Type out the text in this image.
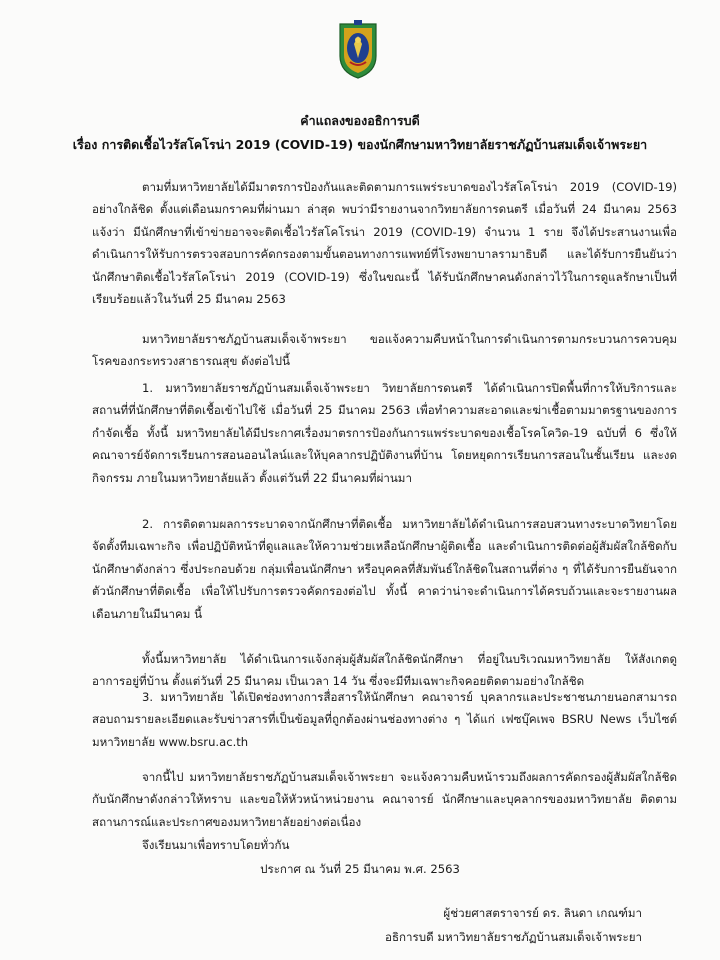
คำแถลงของอธิการบดี
เรื่อง การติดเชื้อไวรัสโคโรน่า 2019 (COVID-19) ของนักศึกษามหาวิทยาลัยราชภัฏบ้านสมเด็จเจ้าพระยา
ตามที่มหาวิทยาลัยได้มีมาตรการป้องกันและติดตามการแพร่ระบาดของไวรัสโคโรน่า 2019 (COVID-19) อย่างใกล้ชิด ตั้งแต่เดือนมกราคมที่ผ่านมา ล่าสุด พบว่ามีรายงานจากวิทยาลัยการดนตรี เมื่อวันที่ 24 มีนาคม 2563 แจ้งว่า มีนักศึกษาที่เข้าข่ายอาจจะติดเชื้อไวรัสโคโรน่า 2019 (COVID-19) จำนวน 1 ราย จึงได้ประสานงานเพื่อดำเนินการให้รับการตรวจสอบการคัดกรองตามขั้นตอนทางการแพทย์ที่โรงพยาบาลรามาธิบดี และได้รับการยืนยันว่านักศึกษาติดเชื้อไวรัสโคโรน่า 2019 (COVID-19) ซึ่งในขณะนี้ ได้รับนักศึกษาคนดังกล่าวไว้ในการดูแลรักษาเป็นที่เรียบร้อยแล้วในวันที่ 25 มีนาคม 2563
มหาวิทยาลัยราชภัฏบ้านสมเด็จเจ้าพระยา ขอแจ้งความคืบหน้าในการดำเนินการตามกระบวนการควบคุมโรคของกระทรวงสาธารณสุข ดังต่อไปนี้
1. มหาวิทยาลัยราชภัฏบ้านสมเด็จเจ้าพระยา วิทยาลัยการดนตรี ได้ดำเนินการปิดพื้นที่การให้บริการและสถานที่ที่นักศึกษาที่ติดเชื้อเข้าไปใช้ เมื่อวันที่ 25 มีนาคม 2563 เพื่อทำความสะอาดและฆ่าเชื้อตามมาตรฐานของการกำจัดเชื้อ ทั้งนี้ มหาวิทยาลัยได้มีประกาศเรื่องมาตรการป้องกันการแพร่ระบาดของเชื้อโรคโควิด-19 ฉบับที่ 6 ซึ่งให้คณาจารย์จัดการเรียนการสอนออนไลน์และให้บุคลากรปฏิบัติงานที่บ้าน โดยหยุดการเรียนการสอนในชั้นเรียน และงดกิจกรรม ภายในมหาวิทยาลัยแล้ว ตั้งแต่วันที่ 22 มีนาคมที่ผ่านมา
2. การติดตามผลการระบาดจากนักศึกษาที่ติดเชื้อ มหาวิทยาลัยได้ดำเนินการสอบสวนทางระบาดวิทยาโดยจัดตั้งทีมเฉพาะกิจ เพื่อปฏิบัติหน้าที่ดูแลและให้ความช่วยเหลือนักศึกษาผู้ติดเชื้อ และดำเนินการติดต่อผู้สัมผัสใกล้ชิดกับนักศึกษาดังกล่าว ซึ่งประกอบด้วย กลุ่มเพื่อนนักศึกษา หรือบุคคลที่สัมพันธ์ใกล้ชิดในสถานที่ต่าง ๆ ที่ได้รับการยืนยันจากตัวนักศึกษาที่ติดเชื้อ เพื่อให้ไปรับการตรวจคัดกรองต่อไป ทั้งนี้ คาดว่าน่าจะดำเนินการได้ครบถ้วนและจะรายงานผลเดือนภายในมีนาคม นี้
ทั้งนี้มหาวิทยาลัย ได้ดำเนินการแจ้งกลุ่มผู้สัมผัสใกล้ชิดนักศึกษา ที่อยู่ในบริเวณมหาวิทยาลัย ให้สังเกตดูอาการอยู่ที่บ้าน ตั้งแต่วันที่ 25 มีนาคม เป็นเวลา 14 วัน ซึ่งจะมีทีมเฉพาะกิจคอยติดตามอย่างใกล้ชิด
3. มหาวิทยาลัย ได้เปิดช่องทางการสื่อสารให้นักศึกษา คณาจารย์ บุคลากรและประชาชนภายนอกสามารถสอบถามรายละเอียดและรับข่าวสารที่เป็นข้อมูลที่ถูกต้องผ่านช่องทางต่าง ๆ ได้แก่ เฟซบุ๊คเพจ BSRU News เว็บไซต์มหาวิทยาลัย www.bsru.ac.th
จากนี้ไป มหาวิทยาลัยราชภัฏบ้านสมเด็จเจ้าพระยา จะแจ้งความคืบหน้ารวมถึงผลการคัดกรองผู้สัมผัสใกล้ชิดกับนักศึกษาดังกล่าวให้ทราบ และขอให้หัวหน้าหน่วยงาน คณาจารย์ นักศึกษาและบุคลากรของมหาวิทยาลัย ติดตามสถานการณ์และประกาศของมหาวิทยาลัยอย่างต่อเนื่อง
จึงเรียนมาเพื่อทราบโดยทั่วกัน
ประกาศ ณ วันที่ 25 มีนาคม พ.ศ. 2563
ผู้ช่วยศาสตราจารย์ ดร. ลินดา เกณฑ์มา
อธิการบดี มหาวิทยาลัยราชภัฏบ้านสมเด็จเจ้าพระยา
